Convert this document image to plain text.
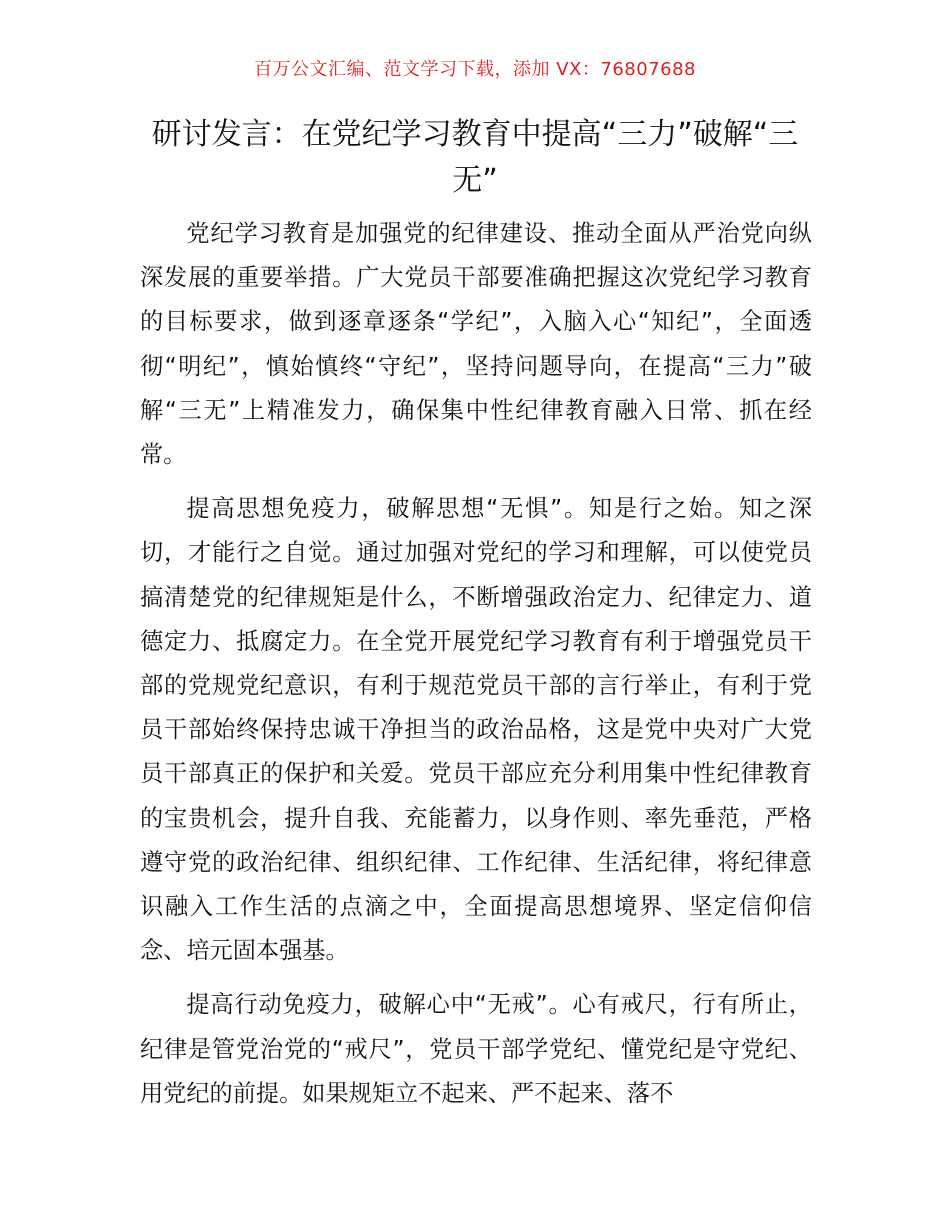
百万公文汇编、范文学习下载，添加 VX：76807688
研讨发言：在党纪学习教育中提高“三力”破解“三无”

党纪学习教育是加强党的纪律建设、推动全面从严治党向纵深发展的重要举措。广大党员干部要准确把握这次党纪学习教育的目标要求，做到逐章逐条“学纪”，入脑入心“知纪”，全面透彻“明纪”，慎始慎终“守纪”，坚持问题导向，在提高“三力”破解“三无”上精准发力，确保集中性纪律教育融入日常、抓在经常。

提高思想免疫力，破解思想“无惧”。知是行之始。知之深切，才能行之自觉。通过加强对党纪的学习和理解，可以使党员搞清楚党的纪律规矩是什么，不断增强政治定力、纪律定力、道德定力、抵腐定力。在全党开展党纪学习教育有利于增强党员干部的党规党纪意识，有利于规范党员干部的言行举止，有利于党员干部始终保持忠诚干净担当的政治品格，这是党中央对广大党员干部真正的保护和关爱。党员干部应充分利用集中性纪律教育的宝贵机会，提升自我、充能蓄力，以身作则、率先垂范，严格遵守党的政治纪律、组织纪律、工作纪律、生活纪律，将纪律意识融入工作生活的点滴之中，全面提高思想境界、坚定信仰信念、培元固本强基。

提高行动免疫力，破解心中“无戒”。心有戒尺，行有所止，纪律是管党治党的“戒尺”，党员干部学党纪、懂党纪是守党纪、用党纪的前提。如果规矩立不起来、严不起来、落不
